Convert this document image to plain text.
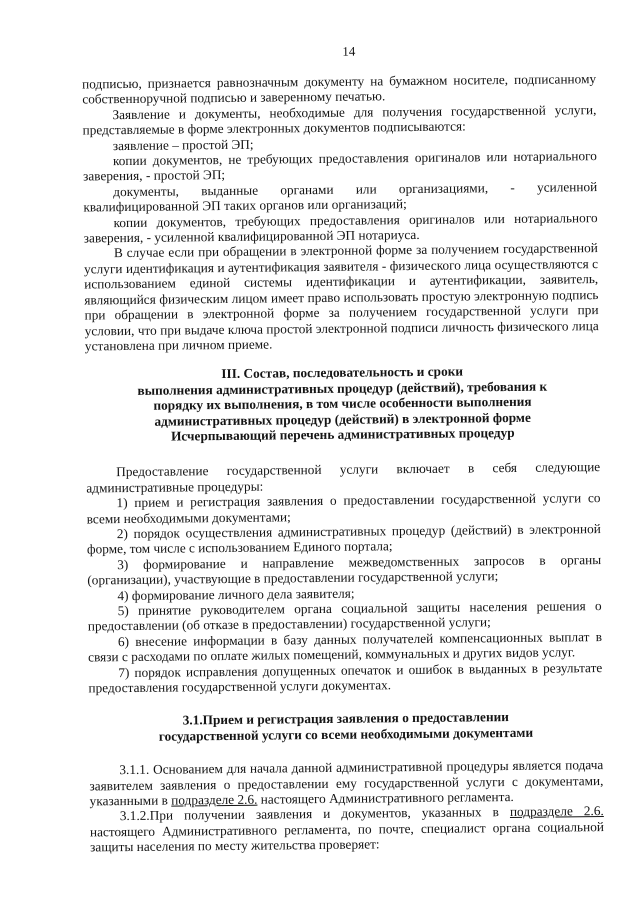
14

подписью, признается равнозначным документу на бумажном носителе, подписанному собственноручной подписью и заверенному печатью.

Заявление и документы, необходимые для получения государственной услуги, представляемые в форме электронных документов подписываются:

заявление – простой ЭП;

копии документов, не требующих предоставления оригиналов или нотариального заверения, - простой ЭП;

документы, выданные органами или организациями, - усиленной квалифицированной ЭП таких органов или организаций;

копии документов, требующих предоставления оригиналов или нотариального заверения, - усиленной квалифицированной ЭП нотариуса.

В случае если при обращении в электронной форме за получением государственной услуги идентификация и аутентификация заявителя - физического лица осуществляются с использованием единой системы идентификации и аутентификации, заявитель, являющийся физическим лицом имеет право использовать простую электронную подпись при обращении в электронной форме за получением государственной услуги при условии, что при выдаче ключа простой электронной подписи личность физического лица установлена при личном приеме.

III. Состав, последовательность и сроки
выполнения административных процедур (действий), требования к
порядку их выполнения, в том числе особенности выполнения
административных процедур (действий) в электронной форме
Исчерпывающий перечень административных процедур

Предоставление государственной услуги включает в себя следующие административные процедуры:

1) прием и регистрация заявления о предоставлении государственной услуги со всеми необходимыми документами;

2) порядок осуществления административных процедур (действий) в электронной форме, том числе с использованием Единого портала;

3) формирование и направление межведомственных запросов в органы (организации), участвующие в предоставлении государственной услуги;

4) формирование личного дела заявителя;

5) принятие руководителем органа социальной защиты населения решения о предоставлении (об отказе в предоставлении) государственной услуги;

6) внесение информации в базу данных получателей компенсационных выплат в связи с расходами по оплате жилых помещений, коммунальных и других видов услуг.

7) порядок исправления допущенных опечаток и ошибок в выданных в результате предоставления государственной услуги документах.

3.1.Прием и регистрация заявления о предоставлении
государственной услуги со всеми необходимыми документами

3.1.1. Основанием для начала данной административной процедуры является подача заявителем заявления о предоставлении ему государственной услуги с документами, указанными в подразделе 2.6. настоящего Административного регламента.

3.1.2.При получении заявления и документов, указанных в подразделе 2.6. настоящего Административного регламента, по почте, специалист органа социальной защиты населения по месту жительства проверяет:
